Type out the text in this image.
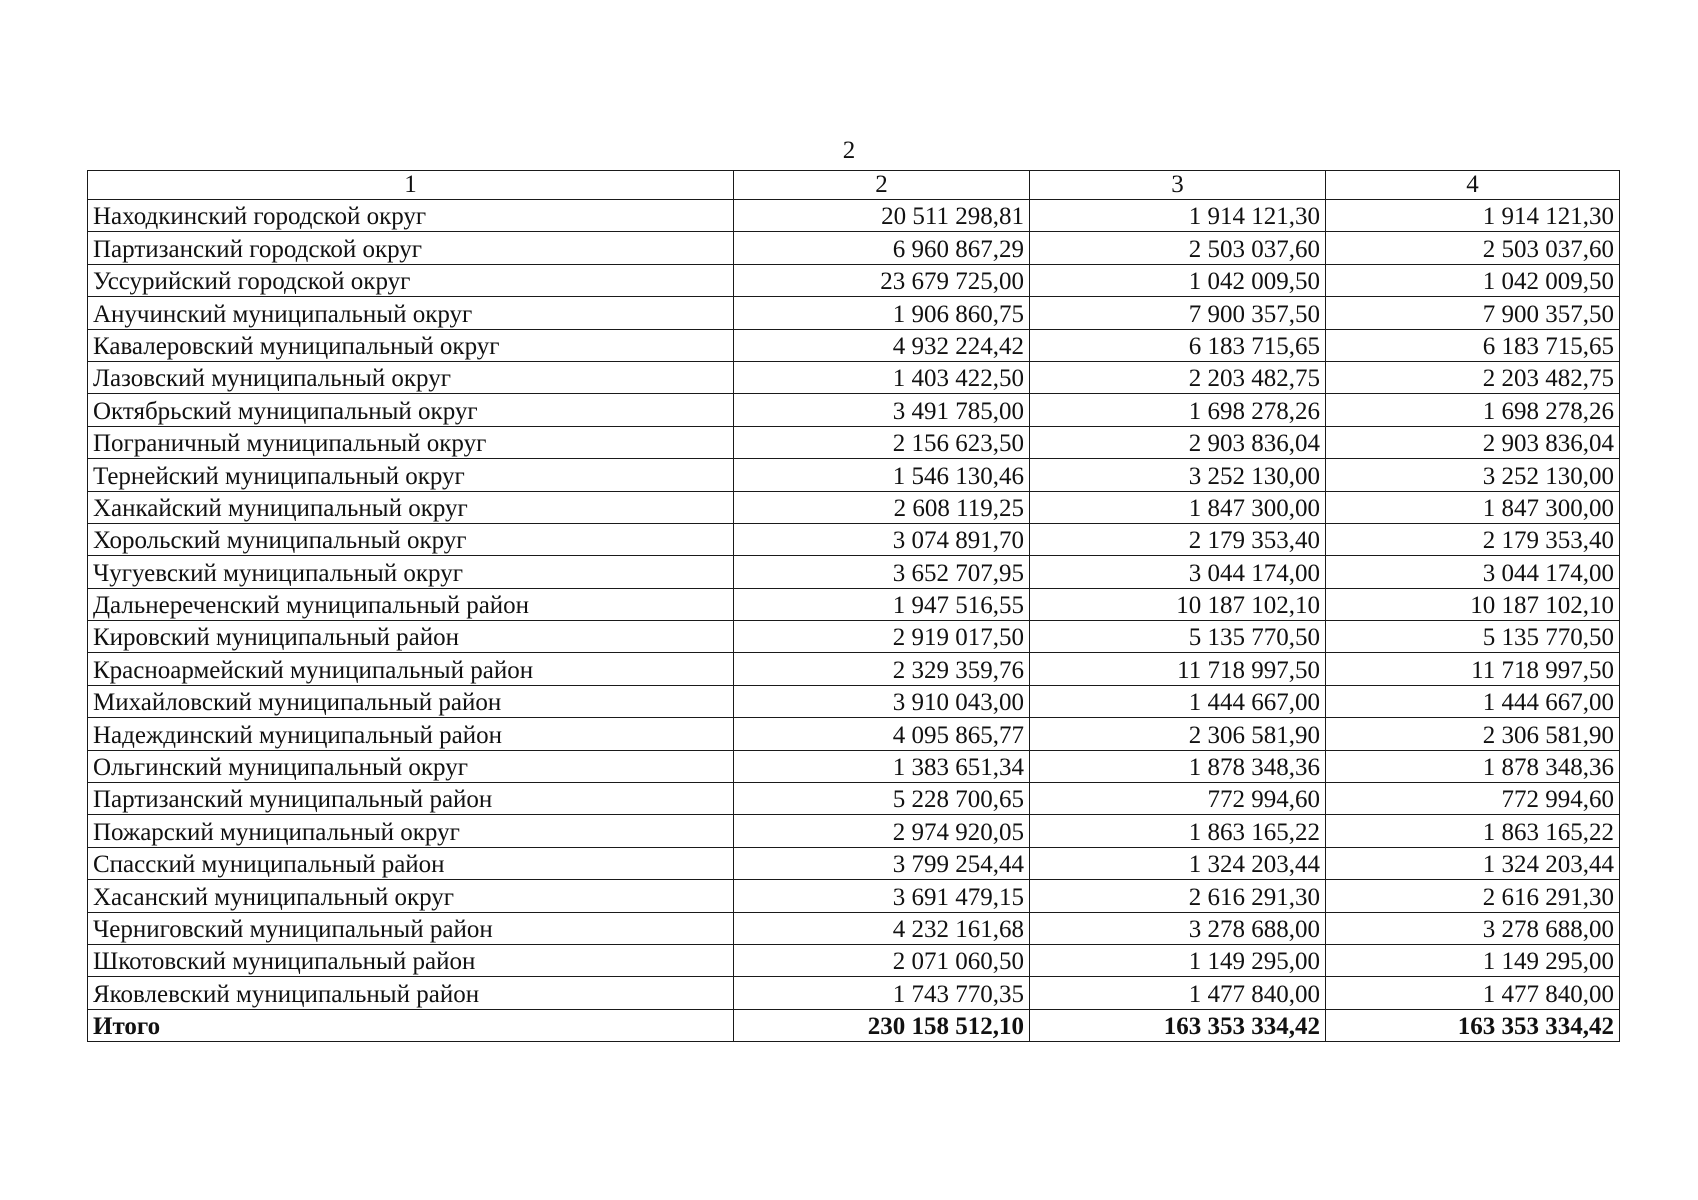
2
1	2	3	4
Находкинский городской округ	20 511 298,81	1 914 121,30	1 914 121,30
Партизанский городской округ	6 960 867,29	2 503 037,60	2 503 037,60
Уссурийский городской округ	23 679 725,00	1 042 009,50	1 042 009,50
Анучинский муниципальный округ	1 906 860,75	7 900 357,50	7 900 357,50
Кавалеровский муниципальный округ	4 932 224,42	6 183 715,65	6 183 715,65
Лазовский муниципальный округ	1 403 422,50	2 203 482,75	2 203 482,75
Октябрьский муниципальный округ	3 491 785,00	1 698 278,26	1 698 278,26
Пограничный муниципальный округ	2 156 623,50	2 903 836,04	2 903 836,04
Тернейский муниципальный округ	1 546 130,46	3 252 130,00	3 252 130,00
Ханкайский муниципальный округ	2 608 119,25	1 847 300,00	1 847 300,00
Хорольский муниципальный округ	3 074 891,70	2 179 353,40	2 179 353,40
Чугуевский муниципальный округ	3 652 707,95	3 044 174,00	3 044 174,00
Дальнереченский муниципальный район	1 947 516,55	10 187 102,10	10 187 102,10
Кировский муниципальный район	2 919 017,50	5 135 770,50	5 135 770,50
Красноармейский муниципальный район	2 329 359,76	11 718 997,50	11 718 997,50
Михайловский муниципальный район	3 910 043,00	1 444 667,00	1 444 667,00
Надеждинский муниципальный район	4 095 865,77	2 306 581,90	2 306 581,90
Ольгинский муниципальный округ	1 383 651,34	1 878 348,36	1 878 348,36
Партизанский муниципальный район	5 228 700,65	772 994,60	772 994,60
Пожарский муниципальный округ	2 974 920,05	1 863 165,22	1 863 165,22
Спасский муниципальный район	3 799 254,44	1 324 203,44	1 324 203,44
Хасанский муниципальный округ	3 691 479,15	2 616 291,30	2 616 291,30
Черниговский муниципальный район	4 232 161,68	3 278 688,00	3 278 688,00
Шкотовский муниципальный район	2 071 060,50	1 149 295,00	1 149 295,00
Яковлевский муниципальный район	1 743 770,35	1 477 840,00	1 477 840,00
Итого	230 158 512,10	163 353 334,42	163 353 334,42
